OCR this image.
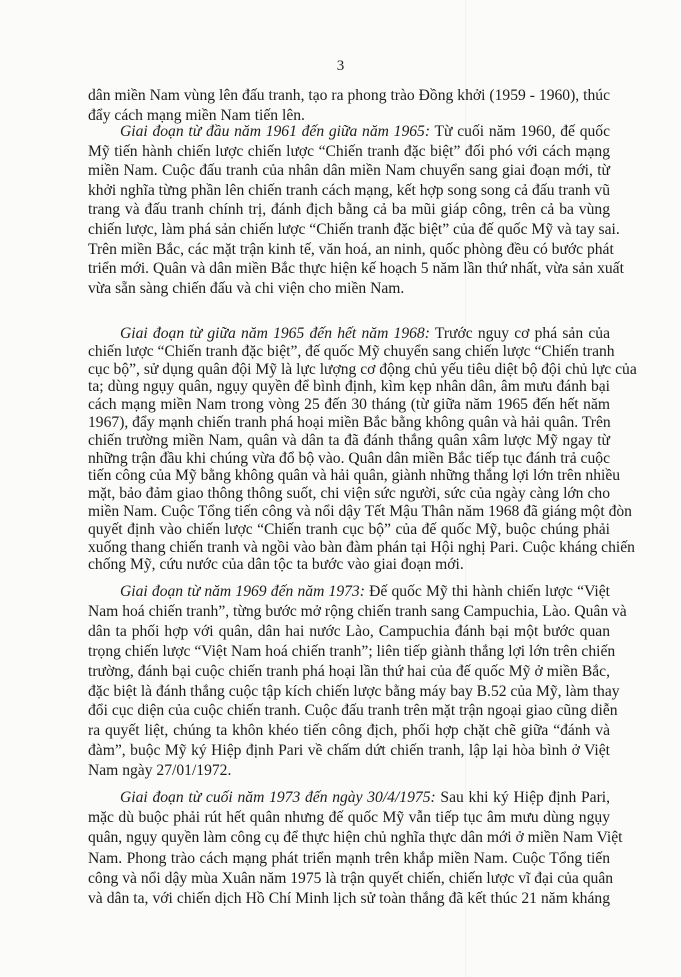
3
dân miền Nam vùng lên đấu tranh, tạo ra phong trào Đồng khởi (1959 - 1960), thúc
đẩy cách mạng miền Nam tiến lên.
Giai đoạn từ đầu năm 1961 đến giữa năm 1965: Từ cuối năm 1960, đế quốc
Mỹ tiến hành chiến lược chiến lược “Chiến tranh đặc biệt” đối phó với cách mạng
miền Nam. Cuộc đấu tranh của nhân dân miền Nam chuyển sang giai đoạn mới, từ
khởi nghĩa từng phần lên chiến tranh cách mạng, kết hợp song song cả đấu tranh vũ
trang và đấu tranh chính trị, đánh địch bằng cả ba mũi giáp công, trên cả ba vùng
chiến lược, làm phá sản chiến lược “Chiến tranh đặc biệt” của đế quốc Mỹ và tay sai.
Trên miền Bắc, các mặt trận kinh tế, văn hoá, an ninh, quốc phòng đều có bước phát
triển mới. Quân và dân miền Bắc thực hiện kế hoạch 5 năm lần thứ nhất, vừa sản xuất
vừa sẵn sàng chiến đấu và chi viện cho miền Nam.
Giai đoạn từ giữa năm 1965 đến hết năm 1968: Trước nguy cơ phá sản của
chiến lược “Chiến tranh đặc biệt”, đế quốc Mỹ chuyển sang chiến lược “Chiến tranh
cục bộ”, sử dụng quân đội Mỹ là lực lượng cơ động chủ yếu tiêu diệt bộ đội chủ lực của
ta; dùng ngụy quân, ngụy quyền để bình định, kìm kẹp nhân dân, âm mưu đánh bại
cách mạng miền Nam trong vòng 25 đến 30 tháng (từ giữa năm 1965 đến hết năm
1967), đẩy mạnh chiến tranh phá hoại miền Bắc bằng không quân và hải quân. Trên
chiến trường miền Nam, quân và dân ta đã đánh thắng quân xâm lược Mỹ ngay từ
những trận đầu khi chúng vừa đổ bộ vào. Quân dân miền Bắc tiếp tục đánh trả cuộc
tiến công của Mỹ bằng không quân và hải quân, giành những thắng lợi lớn trên nhiều
mặt, bảo đảm giao thông thông suốt, chi viện sức người, sức của ngày càng lớn cho
miền Nam. Cuộc Tổng tiến công và nổi dậy Tết Mậu Thân năm 1968 đã giáng một đòn
quyết định vào chiến lược “Chiến tranh cục bộ” của đế quốc Mỹ, buộc chúng phải
xuống thang chiến tranh và ngồi vào bàn đàm phán tại Hội nghị Pari. Cuộc kháng chiến
chống Mỹ, cứu nước của dân tộc ta bước vào giai đoạn mới.
Giai đoạn từ năm 1969 đến năm 1973: Đế quốc Mỹ thi hành chiến lược “Việt
Nam hoá chiến tranh”, từng bước mở rộng chiến tranh sang Campuchia, Lào. Quân và
dân ta phối hợp với quân, dân hai nước Lào, Campuchia đánh bại một bước quan
trọng chiến lược “Việt Nam hoá chiến tranh”; liên tiếp giành thắng lợi lớn trên chiến
trường, đánh bại cuộc chiến tranh phá hoại lần thứ hai của đế quốc Mỹ ở miền Bắc,
đặc biệt là đánh thắng cuộc tập kích chiến lược bằng máy bay B.52 của Mỹ, làm thay
đổi cục diện của cuộc chiến tranh. Cuộc đấu tranh trên mặt trận ngoại giao cũng diễn
ra quyết liệt, chúng ta khôn khéo tiến công địch, phối hợp chặt chẽ giữa “đánh và
đàm”, buộc Mỹ ký Hiệp định Pari về chấm dứt chiến tranh, lập lại hòa bình ở Việt
Nam ngày 27/01/1972.
Giai đoạn từ cuối năm 1973 đến ngày 30/4/1975: Sau khi ký Hiệp định Pari,
mặc dù buộc phải rút hết quân nhưng đế quốc Mỹ vẫn tiếp tục âm mưu dùng ngụy
quân, ngụy quyền làm công cụ để thực hiện chủ nghĩa thực dân mới ở miền Nam Việt
Nam. Phong trào cách mạng phát triển mạnh trên khắp miền Nam. Cuộc Tổng tiến
công và nổi dậy mùa Xuân năm 1975 là trận quyết chiến, chiến lược vĩ đại của quân
và dân ta, với chiến dịch Hồ Chí Minh lịch sử toàn thắng đã kết thúc 21 năm kháng
